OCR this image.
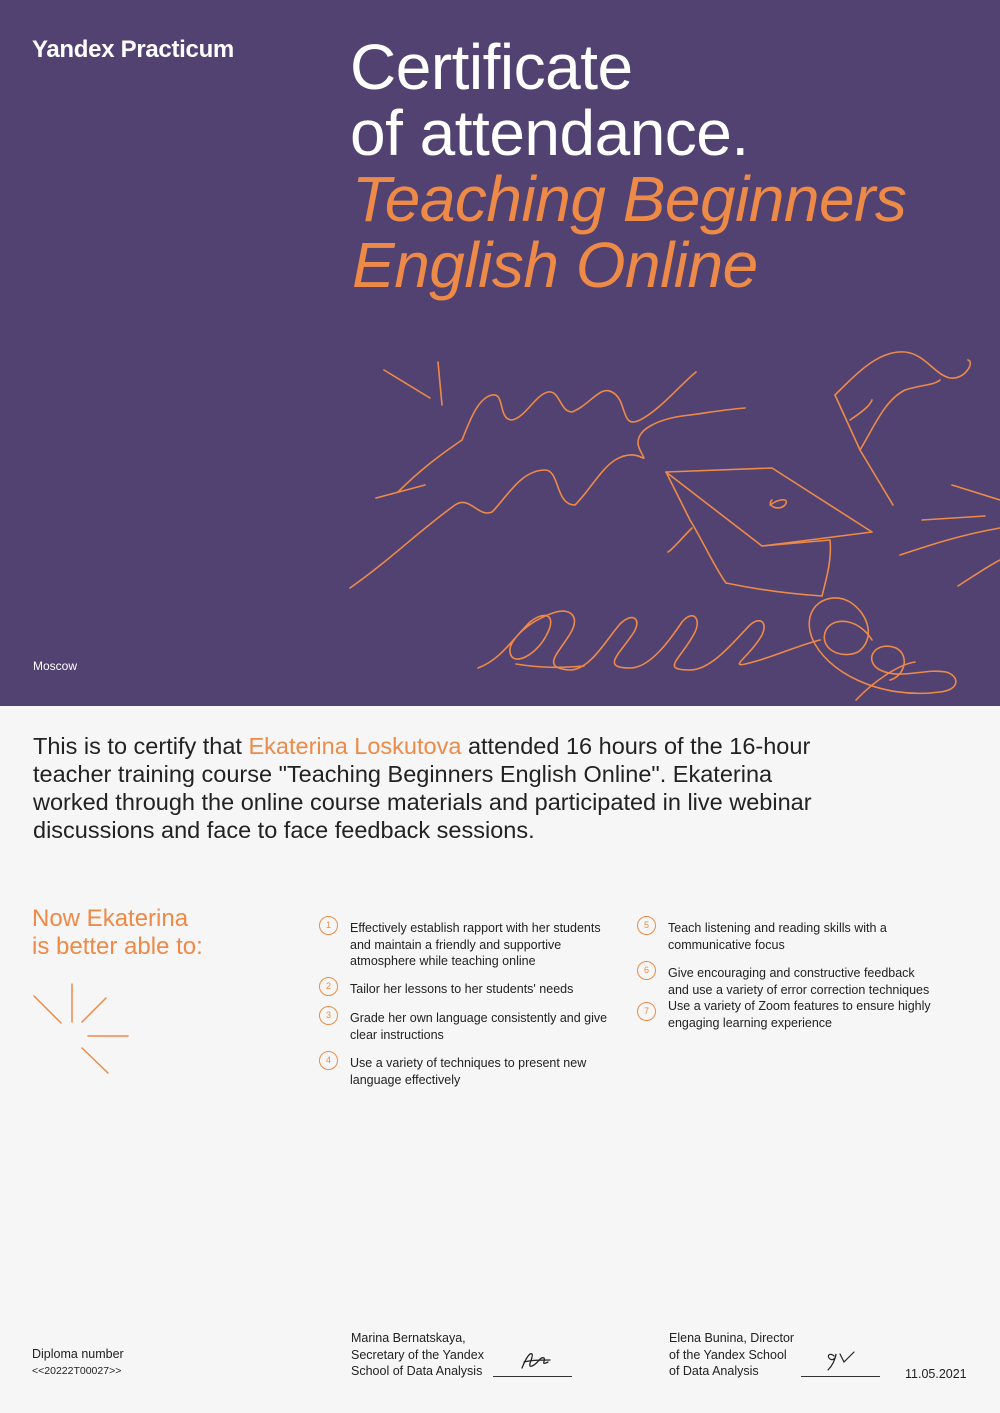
Yandex Practicum Certificate
of attendance.
Teaching Beginners
English Online
Moscow
This is to certify that Ekaterina Loskutova attended 16 hours of the 16-hour teacher training course "Teaching Beginners English Online". Ekaterina worked through the online course materials and participated in live webinar discussions and face to face feedback sessions.
Now Ekaterina
is better able to:
1	Effectively establish rapport with her students and maintain a friendly and supportive atmosphere while teaching online
2	Tailor her lessons to her students' needs
3	Grade her own language consistently and give clear instructions
4	Use a variety of techniques to present new language effectively
5	Teach listening and reading skills with a communicative focus
6	Give encouraging and constructive feedback and use a variety of error correction techniques
7	Use a variety of Zoom features to ensure highly engaging learning experience
Diploma number
<<20222T00027>>
Marina Bernatskaya,
Secretary of the Yandex
School of Data Analysis
Elena Bunina, Director
of the Yandex School
of Data Analysis	11.05.2021
